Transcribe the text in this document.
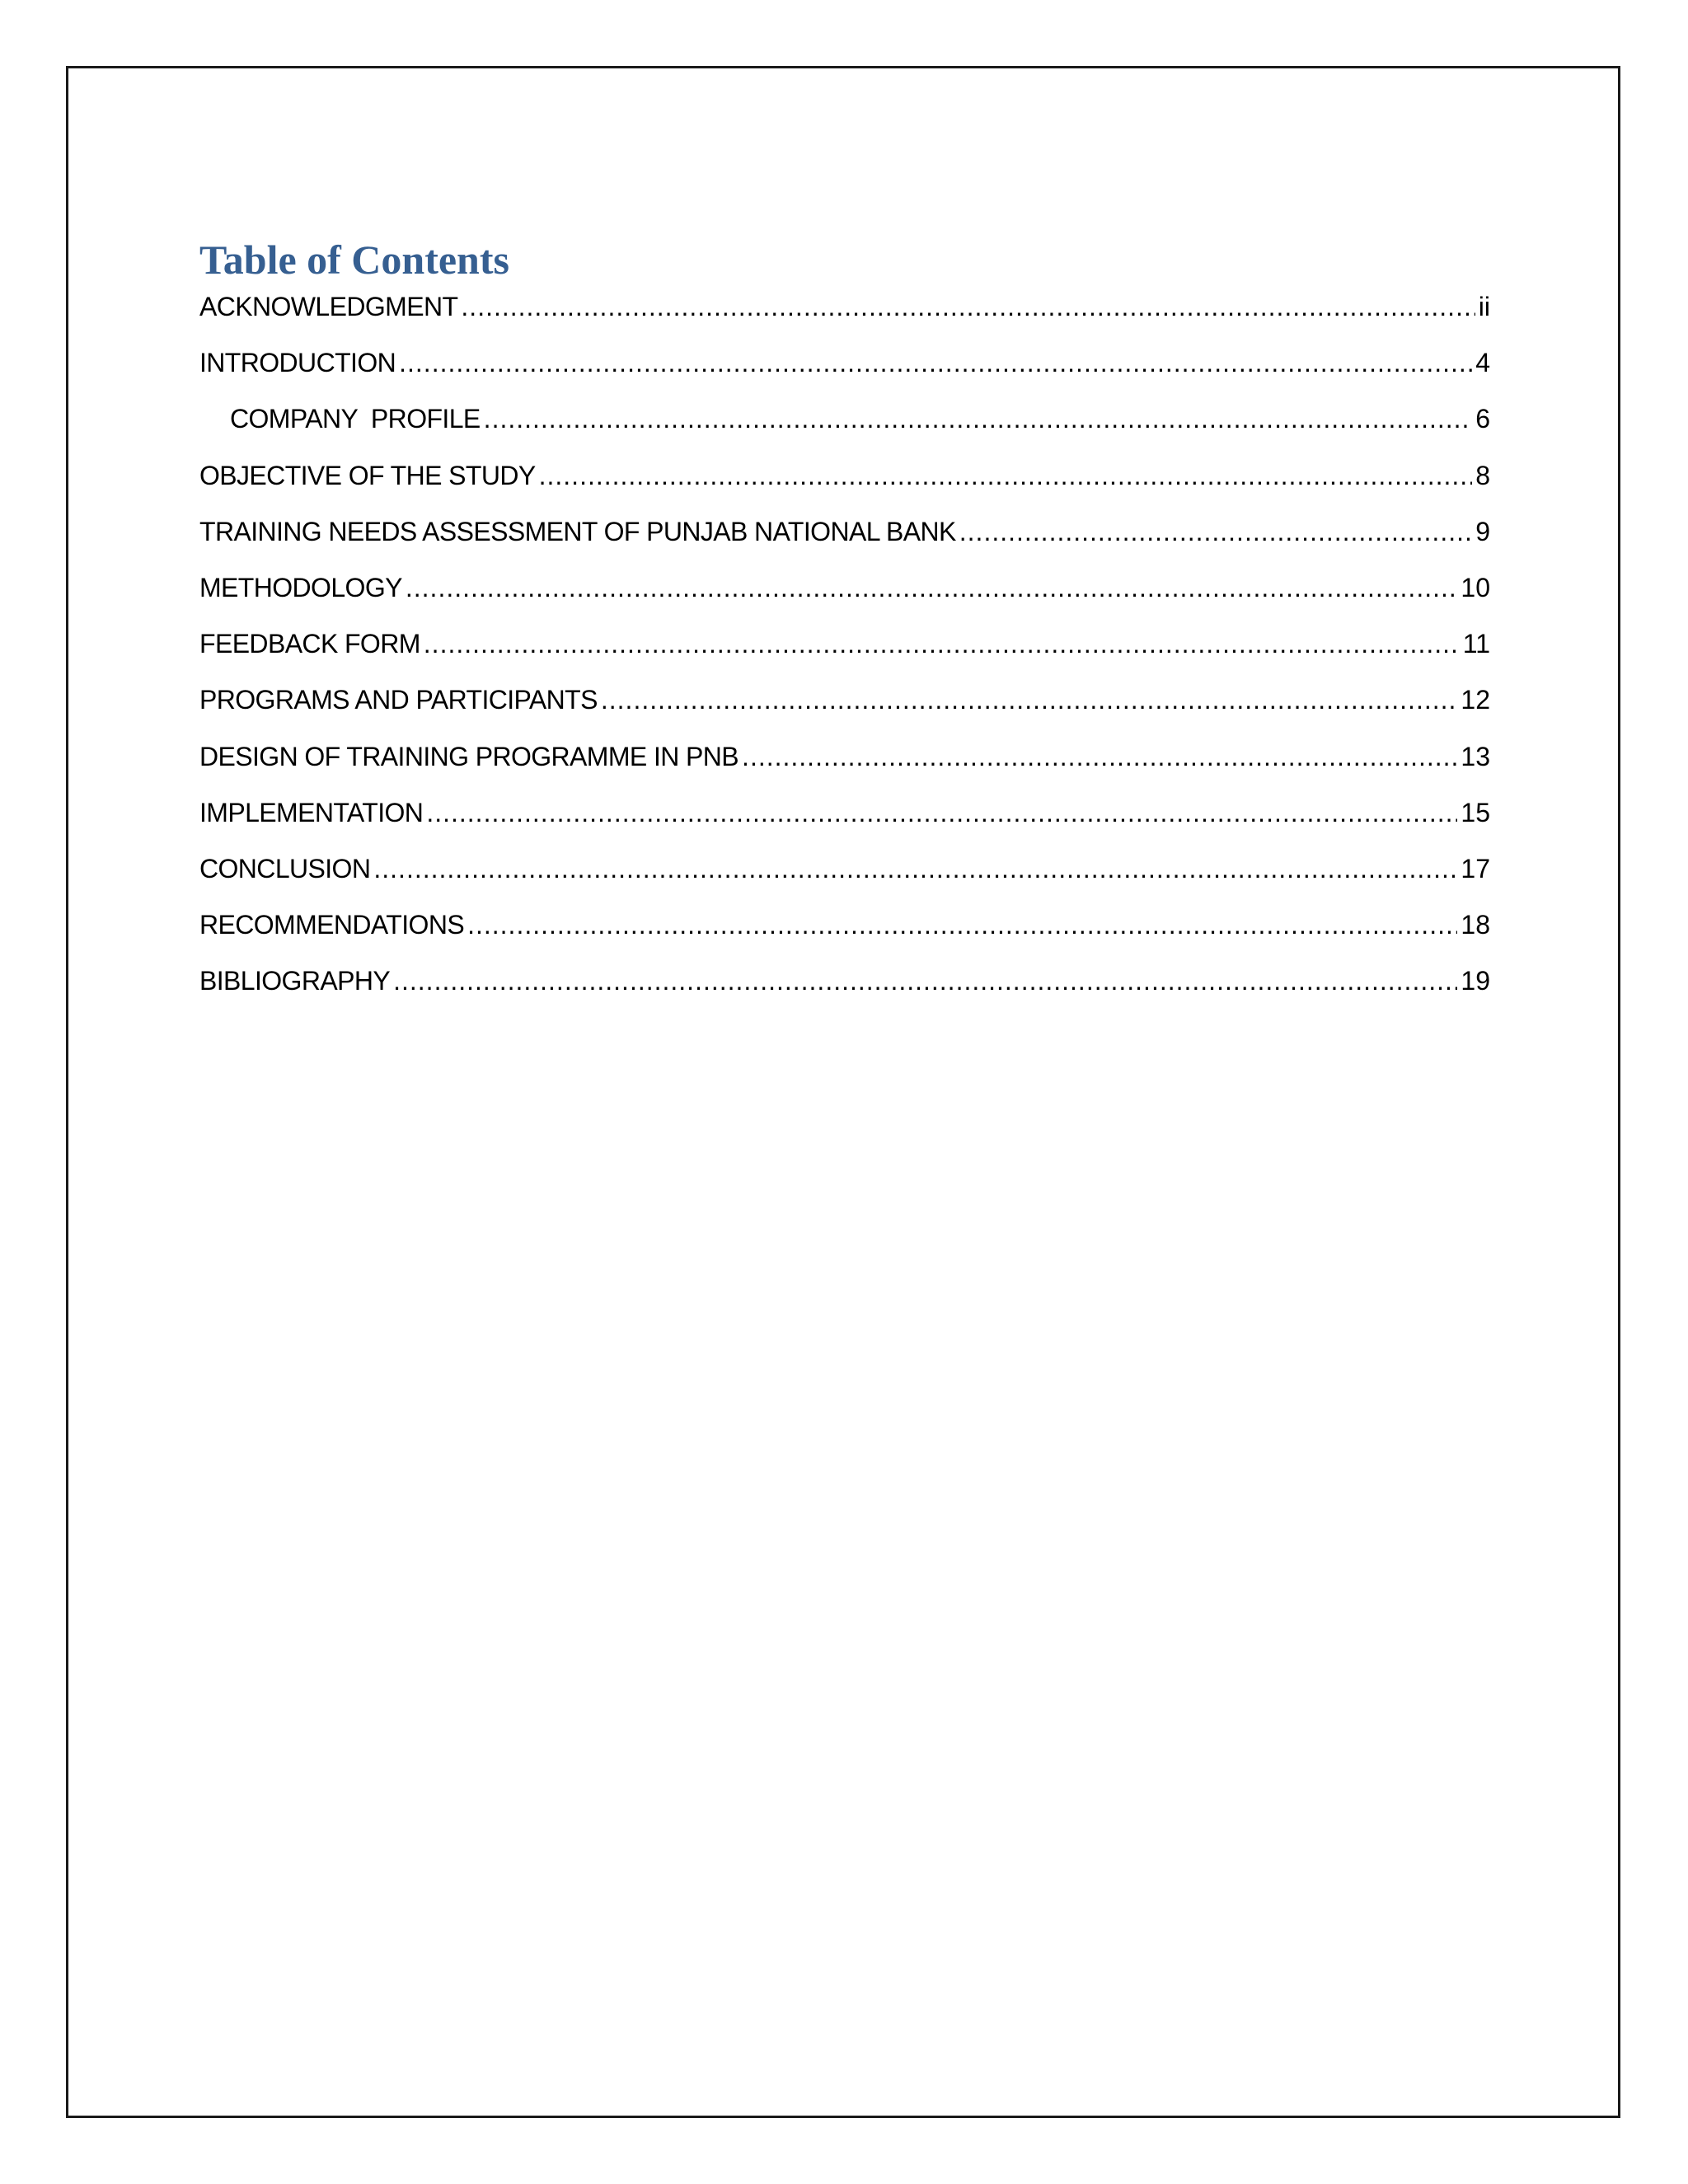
Table of Contents
ACKNOWLEDGMENT .....	ii
INTRODUCTION .....	4
COMPANY PROFILE .....	6
OBJECTIVE OF THE STUDY .....	8
TRAINING NEEDS ASSESSMENT OF PUNJAB NATIONAL BANK .....	9
METHODOLOGY .....	10
FEEDBACK FORM .....	11
PROGRAMS AND PARTICIPANTS .....	12
DESIGN OF TRAINING PROGRAMME IN PNB .....	13
IMPLEMENTATION .....	15
CONCLUSION .....	17
RECOMMENDATIONS .....	18
BIBLIOGRAPHY .....	19
